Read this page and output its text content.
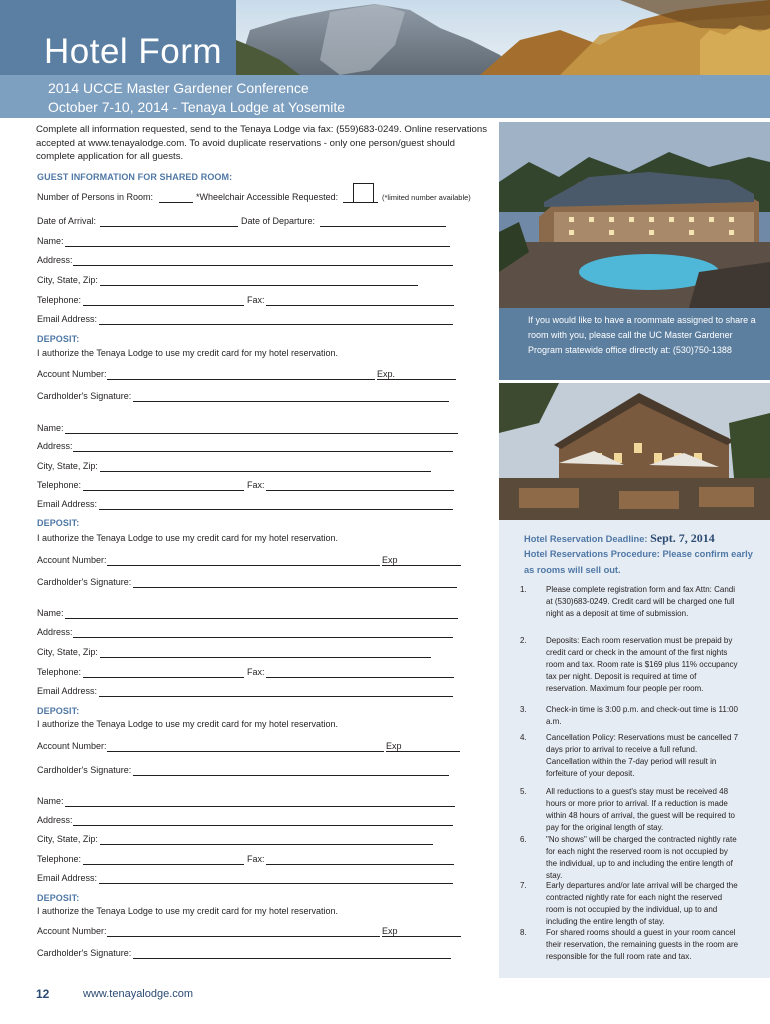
Hotel Form
2014 UCCE Master Gardener Conference
October 7-10, 2014 - Tenaya Lodge at Yosemite
Complete all information requested, send to the Tenaya Lodge via fax: (559)683-0249. Online reservations accepted at www.tenayalodge.com. To avoid duplicate reservations - only one person/guest should complete application for all guests.
GUEST INFORMATION FOR SHARED ROOM:
Number of Persons in Room:	*Wheelchair Accessible Requested:	(*limited number available)
Date of Arrival:	Date of Departure:
Name:
Address:
City, State, Zip:
Telephone:	Fax:
Email Address:
DEPOSIT:
I authorize the Tenaya Lodge to use my credit card for my hotel reservation.
Account Number:	Exp.
Cardholder's Signature:
Name:
Address:
City, State, Zip:
Telephone:	Fax:
Email Address:
DEPOSIT:
I authorize the Tenaya Lodge to use my credit card for my hotel reservation.
Account Number:	Exp
Cardholder's Signature:
Name:
Address:
City, State, Zip:
Telephone:	Fax:
Email Address:
DEPOSIT:
I authorize the Tenaya Lodge to use my credit card for my hotel reservation.
Account Number:	Exp
Cardholder's Signature:
Name:
Address:
City, State, Zip:
Telephone:	Fax:
Email Address:
DEPOSIT:
I authorize the Tenaya Lodge to use my credit card for my hotel reservation.
Account Number:	Exp
Cardholder's Signature:
If you would like to have a roommate assigned to share a room with you, please call the UC Master Gardener Program statewide office directly at: (530)750-1388
Hotel Reservation Deadline: Sept. 7, 2014
Hotel Reservations Procedure: Please confirm early as rooms will sell out.
1.	Please complete registration form and fax Attn: Candi at (530)683-0249. Credit card will be charged one full night as a deposit at time of submission.
2.	Deposits: Each room reservation must be prepaid by credit card or check in the amount of the first nights room and tax. Room rate is $169 plus 11% occupancy tax per night. Deposit is required at time of reservation. Maximum four people per room.
3.	Check-in time is 3:00 p.m. and check-out time is 11:00 a.m.
4.	Cancellation Policy: Reservations must be cancelled 7 days prior to arrival to receive a full refund. Cancellation within the 7-day period will result in forfeiture of your deposit.
5.	All reductions to a guest's stay must be received 48 hours or more prior to arrival. If a reduction is made within 48 hours of arrival, the guest will be required to pay for the original length of stay.
6.	"No shows" will be charged the contracted nightly rate for each night the reserved room is not occupied by the individual, up to and including the entire length of stay.
7.	Early departures and/or late arrival will be charged the contracted nightly rate for each night the reserved room is not occupied by the individual, up to and including the entire length of stay.
8.	For shared rooms should a guest in your room cancel their reservation, the remaining guests in the room are responsible for the full room rate and tax.
12	www.tenayalodge.com
